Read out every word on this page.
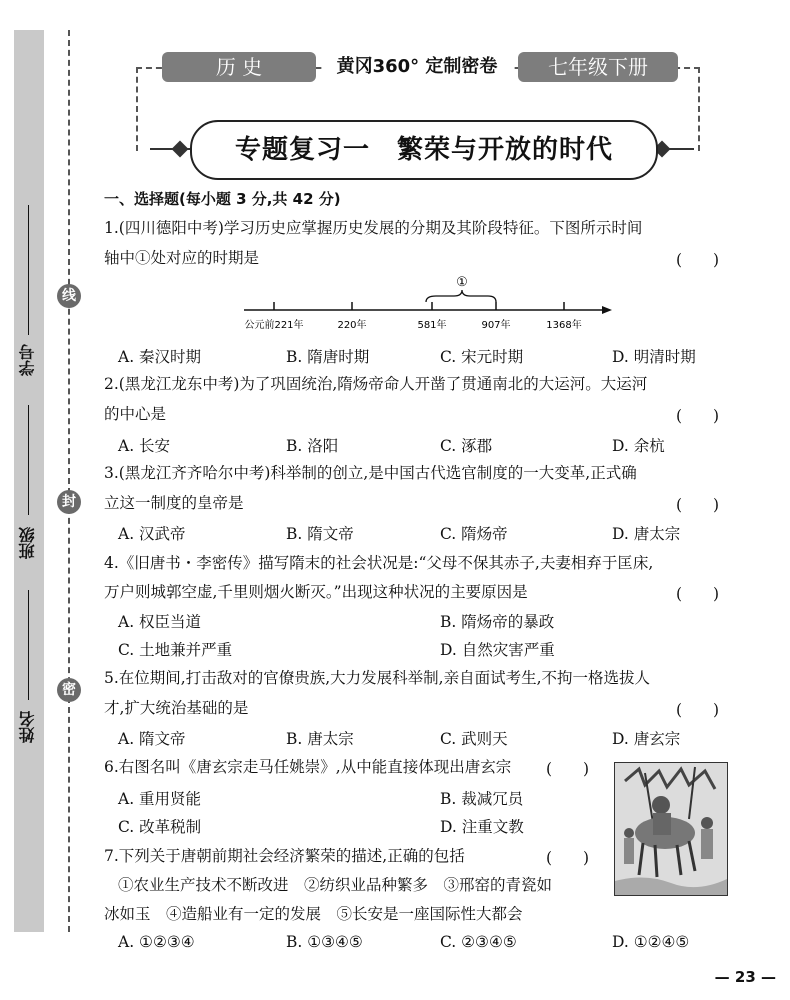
学号
班级
姓名
线
封
密
历 史	黄冈360° 定制密卷	七年级下册
专题复习一　繁荣与开放的时代
一、选择题(每小题 3 分,共 42 分)
1.(四川德阳中考)学习历史应掌握历史发展的分期及其阶段特征。下图所示时间
轴中①处对应的时期是	(　　)
①
公元前221年	220年	581年	907年	1368年
A. 秦汉时期	B. 隋唐时期	C. 宋元时期	D. 明清时期
2.(黑龙江龙东中考)为了巩固统治,隋炀帝命人开凿了贯通南北的大运河。大运河
的中心是	(　　)
A. 长安	B. 洛阳	C. 涿郡	D. 余杭
3.(黑龙江齐齐哈尔中考)科举制的创立,是中国古代选官制度的一大变革,正式确
立这一制度的皇帝是	(　　)
A. 汉武帝	B. 隋文帝	C. 隋炀帝	D. 唐太宗
4.《旧唐书・李密传》描写隋末的社会状况是:“父母不保其赤子,夫妻相弃于匡床,
万户则城郭空虚,千里则烟火断灭。”出现这种状况的主要原因是	(　　)
A. 权臣当道	B. 隋炀帝的暴政
C. 土地兼并严重	D. 自然灾害严重
5.在位期间,打击敌对的官僚贵族,大力发展科举制,亲自面试考生,不拘一格选拔人
才,扩大统治基础的是	(　　)
A. 隋文帝	B. 唐太宗	C. 武则天	D. 唐玄宗
6.右图名叫《唐玄宗走马任姚崇》,从中能直接体现出唐玄宗 (　　)
A. 重用贤能	B. 裁减冗员
C. 改革税制	D. 注重文教
7.下列关于唐朝前期社会经济繁荣的描述,正确的包括	(　　)
①农业生产技术不断改进　②纺织业品种繁多　③邢窑的青瓷如
冰如玉　④造船业有一定的发展　⑤长安是一座国际性大都会
A. ①②③④	B. ①③④⑤	C. ②③④⑤	D. ①②④⑤
— 23 —
